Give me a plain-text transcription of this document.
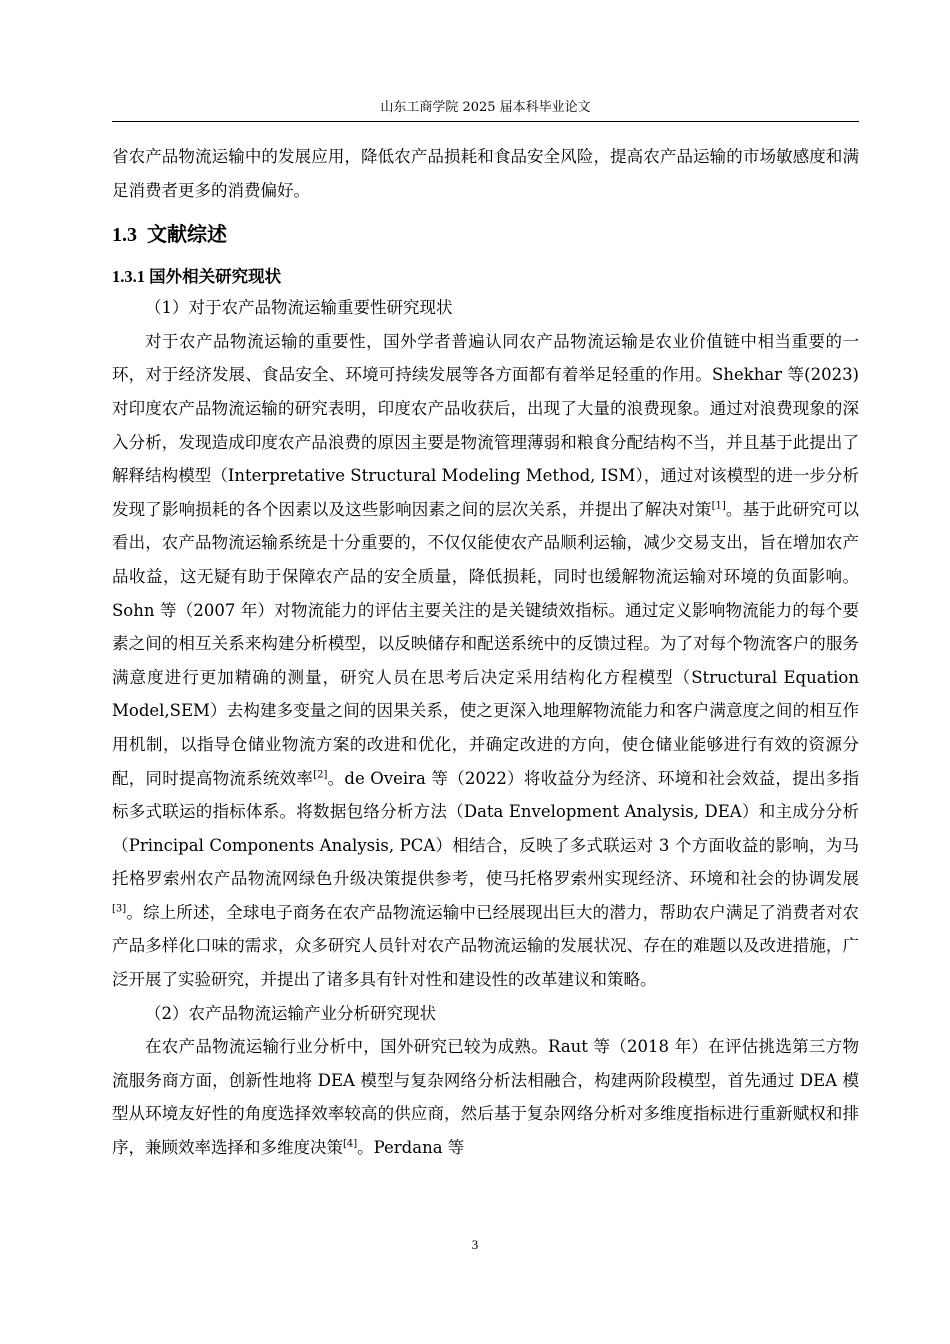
山东工商学院 2025 届本科毕业论文

省农产品物流运输中的发展应用，降低农产品损耗和食品安全风险，提高农产品运输的市场敏感度和满足消费者更多的消费偏好。

1.3 文献综述
1.3.1 国外相关研究现状

（1）对于农产品物流运输重要性研究现状

对于农产品物流运输的重要性，国外学者普遍认同农产品物流运输是农业价值链中相当重要的一环，对于经济发展、食品安全、环境可持续发展等各方面都有着举足轻重的作用。Shekhar 等(2023)对印度农产品物流运输的研究表明，印度农产品收获后，出现了大量的浪费现象。通过对浪费现象的深入分析，发现造成印度农产品浪费的原因主要是物流管理薄弱和粮食分配结构不当，并且基于此提出了解释结构模型（Interpretative Structural Modeling Method, ISM），通过对该模型的进一步分析发现了影响损耗的各个因素以及这些影响因素之间的层次关系，并提出了解决对策[1]。基于此研究可以看出，农产品物流运输系统是十分重要的，不仅仅能使农产品顺利运输，减少交易支出，旨在增加农产品收益，这无疑有助于保障农产品的安全质量，降低损耗，同时也缓解物流运输对环境的负面影响。Sohn 等（2007 年）对物流能力的评估主要关注的是关键绩效指标。通过定义影响物流能力的每个要素之间的相互关系来构建分析模型，以反映储存和配送系统中的反馈过程。为了对每个物流客户的服务满意度进行更加精确的测量，研究人员在思考后决定采用结构化方程模型（Structural Equation Model,SEM）去构建多变量之间的因果关系，使之更深入地理解物流能力和客户满意度之间的相互作用机制，以指导仓储业物流方案的改进和优化，并确定改进的方向，使仓储业能够进行有效的资源分配，同时提高物流系统效率[2]。de Oveira 等（2022）将收益分为经济、环境和社会效益，提出多指标多式联运的指标体系。将数据包络分析方法（Data Envelopment Analysis, DEA）和主成分分析（Principal Components Analysis, PCA）相结合，反映了多式联运对 3 个方面收益的影响，为马托格罗索州农产品物流网绿色升级决策提供参考，使马托格罗索州实现经济、环境和社会的协调发展[3]。综上所述，全球电子商务在农产品物流运输中已经展现出巨大的潜力，帮助农户满足了消费者对农产品多样化口味的需求，众多研究人员针对农产品物流运输的发展状况、存在的难题以及改进措施，广泛开展了实验研究，并提出了诸多具有针对性和建设性的改革建议和策略。

（2）农产品物流运输产业分析研究现状

在农产品物流运输行业分析中，国外研究已较为成熟。Raut 等（2018 年）在评估挑选第三方物流服务商方面，创新性地将 DEA 模型与复杂网络分析法相融合，构建两阶段模型，首先通过 DEA 模型从环境友好性的角度选择效率较高的供应商，然后基于复杂网络分析对多维度指标进行重新赋权和排序，兼顾效率选择和多维度决策[4]。Perdana 等

3
